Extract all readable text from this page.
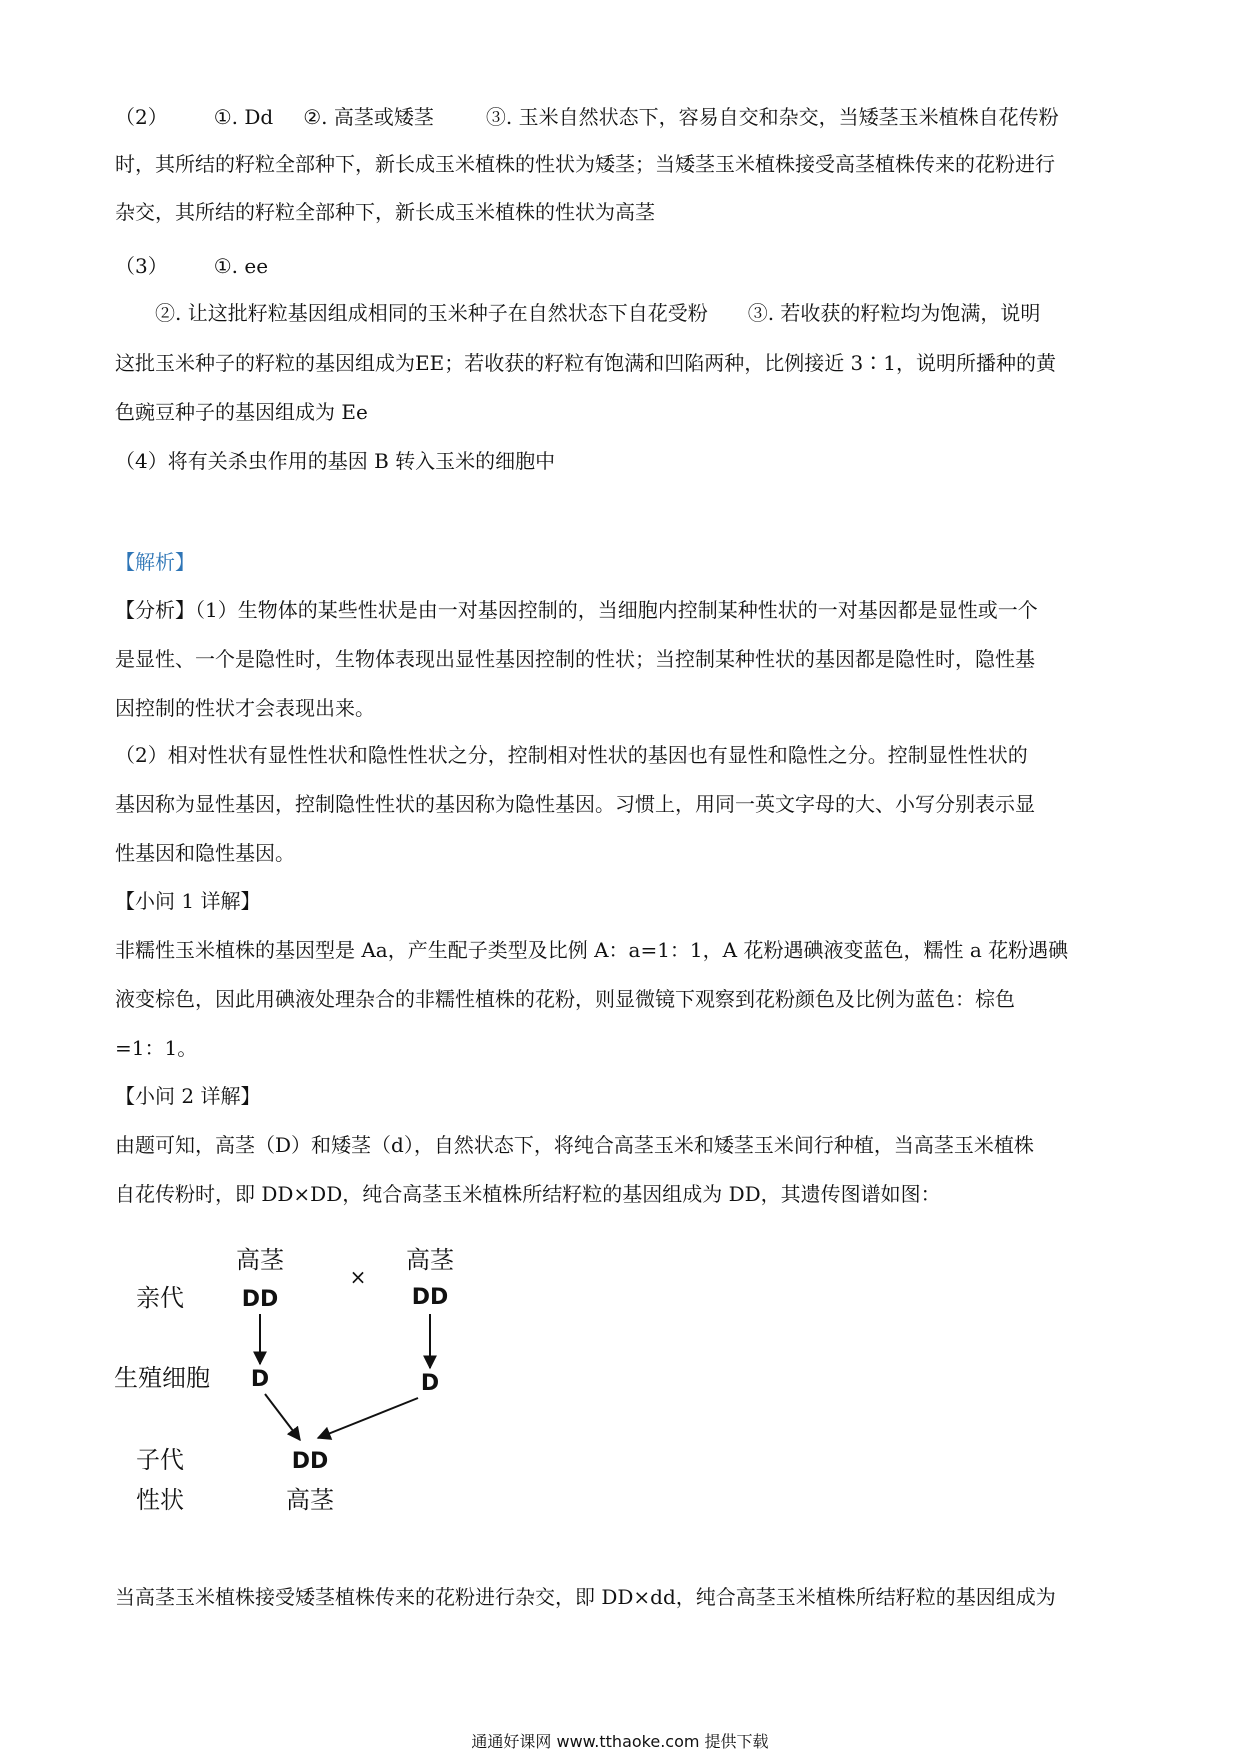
（2） ①. Dd ②. 高茎或矮茎	③. 玉米自然状态下，容易自交和杂交，当矮茎玉米植株自花传粉
时，其所结的籽粒全部种下，新长成玉米植株的性状为矮茎；当矮茎玉米植株接受高茎植株传来的花粉进行
杂交，其所结的籽粒全部种下，新长成玉米植株的性状为高茎
（3） ①. ee
②. 让这批籽粒基因组成相同的玉米种子在自然状态下自花受粉 ③. 若收获的籽粒均为饱满，说明
这批玉米种子的籽粒的基因组成为EE；若收获的籽粒有饱满和凹陷两种，比例接近 3∶1，说明所播种的黄
色豌豆种子的基因组成为 Ee
（4）将有关杀虫作用的基因 B 转入玉米的细胞中
【解析】
【分析】（1）生物体的某些性状是由一对基因控制的，当细胞内控制某种性状的一对基因都是显性或一个
是显性、一个是隐性时，生物体表现出显性基因控制的性状；当控制某种性状的基因都是隐性时，隐性基
因控制的性状才会表现出来。
（2）相对性状有显性性状和隐性性状之分，控制相对性状的基因也有显性和隐性之分。控制显性性状的
基因称为显性基因，控制隐性性状的基因称为隐性基因。习惯上，用同一英文字母的大、小写分别表示显
性基因和隐性基因。
【小问 1 详解】
非糯性玉米植株的基因型是 Aa，产生配子类型及比例 A：a=1：1，A 花粉遇碘液变蓝色，糯性 a 花粉遇碘
液变棕色，因此用碘液处理杂合的非糯性植株的花粉，则显微镜下观察到花粉颜色及比例为蓝色：棕色
=1：1。
【小问 2 详解】
由题可知，高茎（D）和矮茎（d），自然状态下，将纯合高茎玉米和矮茎玉米间行种植，当高茎玉米植株
自花传粉时，即 DD×DD，纯合高茎玉米植株所结籽粒的基因组成为 DD，其遗传图谱如图：
亲代
生殖细胞
子代
性状
高茎
DD
×
高茎
DD
D	D
DD
高茎
当高茎玉米植株接受矮茎植株传来的花粉进行杂交，即 DD×dd，纯合高茎玉米植株所结籽粒的基因组成为
通通好课网 www.tthaoke.com 提供下载
